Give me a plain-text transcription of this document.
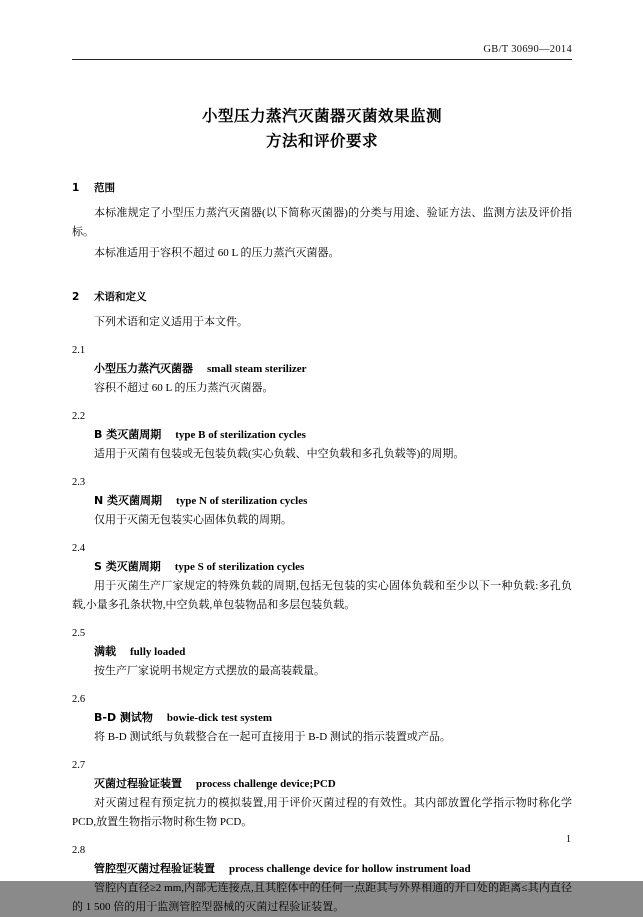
GB/T 30690—2014
小型压力蒸汽灭菌器灭菌效果监测
方法和评价要求
1 范围
本标准规定了小型压力蒸汽灭菌器(以下简称灭菌器)的分类与用途、验证方法、监测方法及评价指标。
本标准适用于容积不超过 60 L 的压力蒸汽灭菌器。
2 术语和定义
下列术语和定义适用于本文件。
2.1
小型压力蒸汽灭菌器 small steam sterilizer
容积不超过 60 L 的压力蒸汽灭菌器。
2.2
B 类灭菌周期 type B of sterilization cycles
适用于灭菌有包装或无包装负载(实心负载、中空负载和多孔负载等)的周期。
2.3
N 类灭菌周期 type N of sterilization cycles
仅用于灭菌无包装实心固体负载的周期。
2.4
S 类灭菌周期 type S of sterilization cycles
用于灭菌生产厂家规定的特殊负载的周期,包括无包装的实心固体负载和至少以下一种负载:多孔负载,小量多孔条状物,中空负载,单包装物品和多层包装负载。
2.5
满载 fully loaded
按生产厂家说明书规定方式摆放的最高装载量。
2.6
B-D 测试物 bowie-dick test system
将 B-D 测试纸与负载整合在一起可直接用于 B-D 测试的指示装置或产品。
2.7
灭菌过程验证装置 process challenge device;PCD
对灭菌过程有预定抗力的模拟装置,用于评价灭菌过程的有效性。其内部放置化学指示物时称化学 PCD,放置生物指示物时称生物 PCD。
2.8
管腔型灭菌过程验证装置 process challenge device for hollow instrument load
管腔内直径≥2 mm,内部无连接点,且其腔体中的任何一点距其与外界相通的开口处的距离≤其内直径的 1 500 倍的用于监测管腔型器械的灭菌过程验证装置。
1
